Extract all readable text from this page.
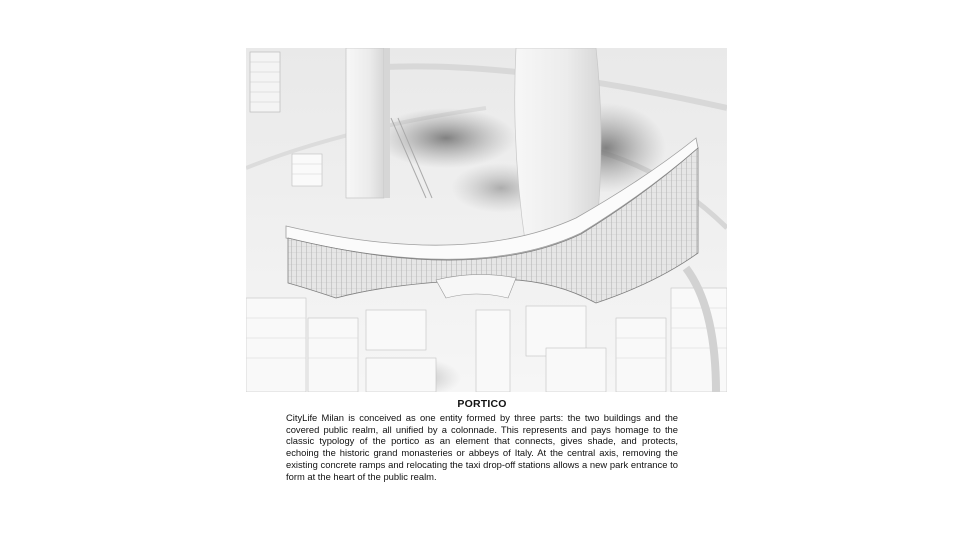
PORTICO

CityLife Milan is conceived as one entity formed by three parts: the two buildings and the covered public realm, all unified by a colonnade. This represents and pays homage to the classic typology of the portico as an element that connects, gives shade, and protects, echoing the historic grand monasteries or abbeys of Italy. At the central axis, removing the existing concrete ramps and relocating the taxi drop-off stations allows a new park entrance to form at the heart of the public realm.
